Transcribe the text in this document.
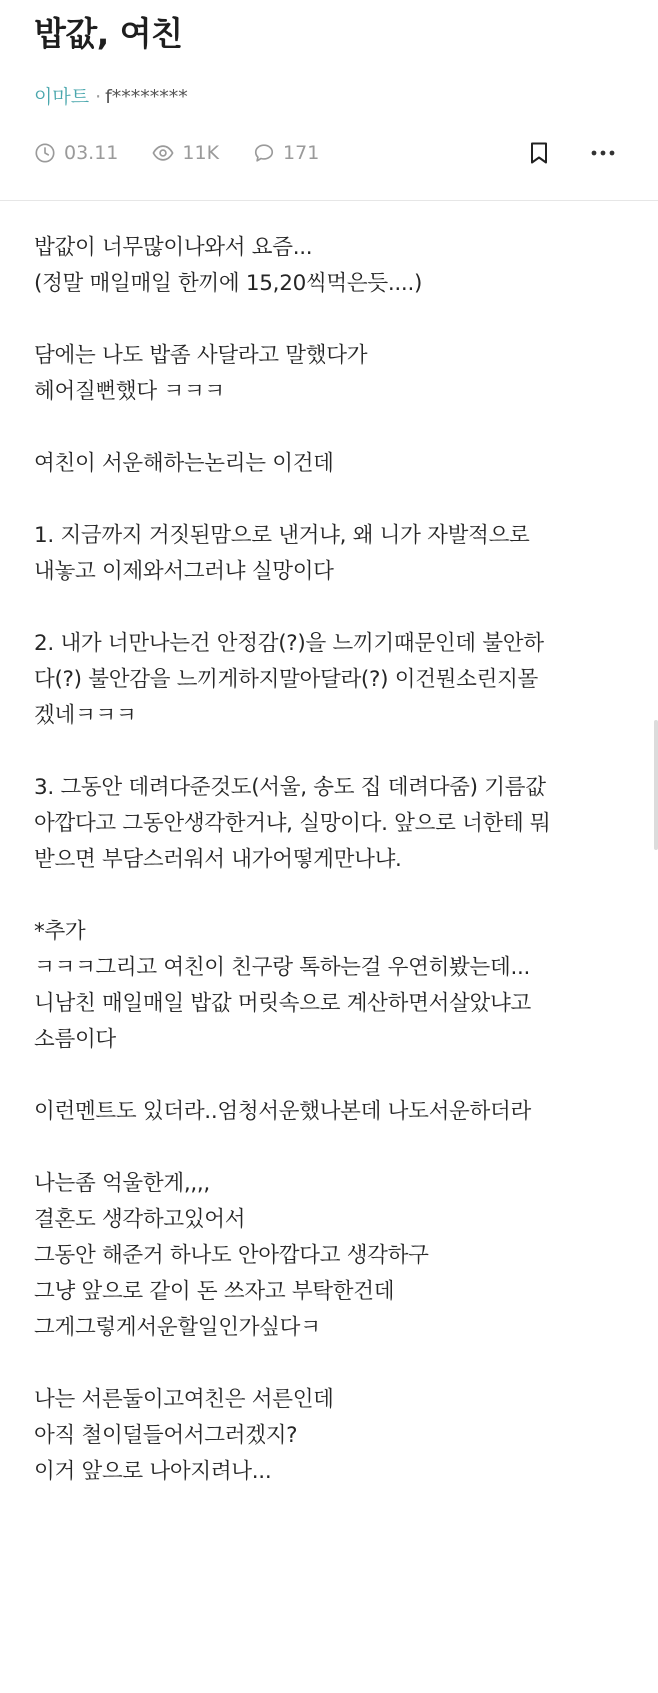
밥값, 여친
이마트 · f********
03.11	11K	171

밥값이 너무많이나와서 요즘...

(정말 매일매일 한끼에 15,20씩먹은듯....)

담에는 나도 밥좀 사달라고 말했다가

헤어질뻔했다 ㅋㅋㅋ

여친이 서운해하는논리는 이건데

1. 지금까지 거짓된맘으로 낸거냐, 왜 니가 자발적으로

내놓고 이제와서그러냐 실망이다

2. 내가 너만나는건 안정감(?)을 느끼기때문인데 불안하

다(?) 불안감을 느끼게하지말아달라(?) 이건뭔소린지몰

겠네ㅋㅋㅋ

3. 그동안 데려다준것도(서울, 송도 집 데려다줌) 기름값

아깝다고 그동안생각한거냐, 실망이다. 앞으로 너한테 뭐

받으면 부담스러워서 내가어떻게만나냐.

*추가

ㅋㅋㅋ그리고 여친이 친구랑 톡하는걸 우연히봤는데...

니남친 매일매일 밥값 머릿속으로 계산하면서살았냐고

소름이다

이런멘트도 있더라..엄청서운했나본데 나도서운하더라

나는좀 억울한게,,,,

결혼도 생각하고있어서

그동안 해준거 하나도 안아깝다고 생각하구

그냥 앞으로 같이 돈 쓰자고 부탁한건데

그게그렇게서운할일인가싶다ㅋ

나는 서른둘이고여친은 서른인데

아직 철이덜들어서그러겠지?

이거 앞으로 나아지려나...
